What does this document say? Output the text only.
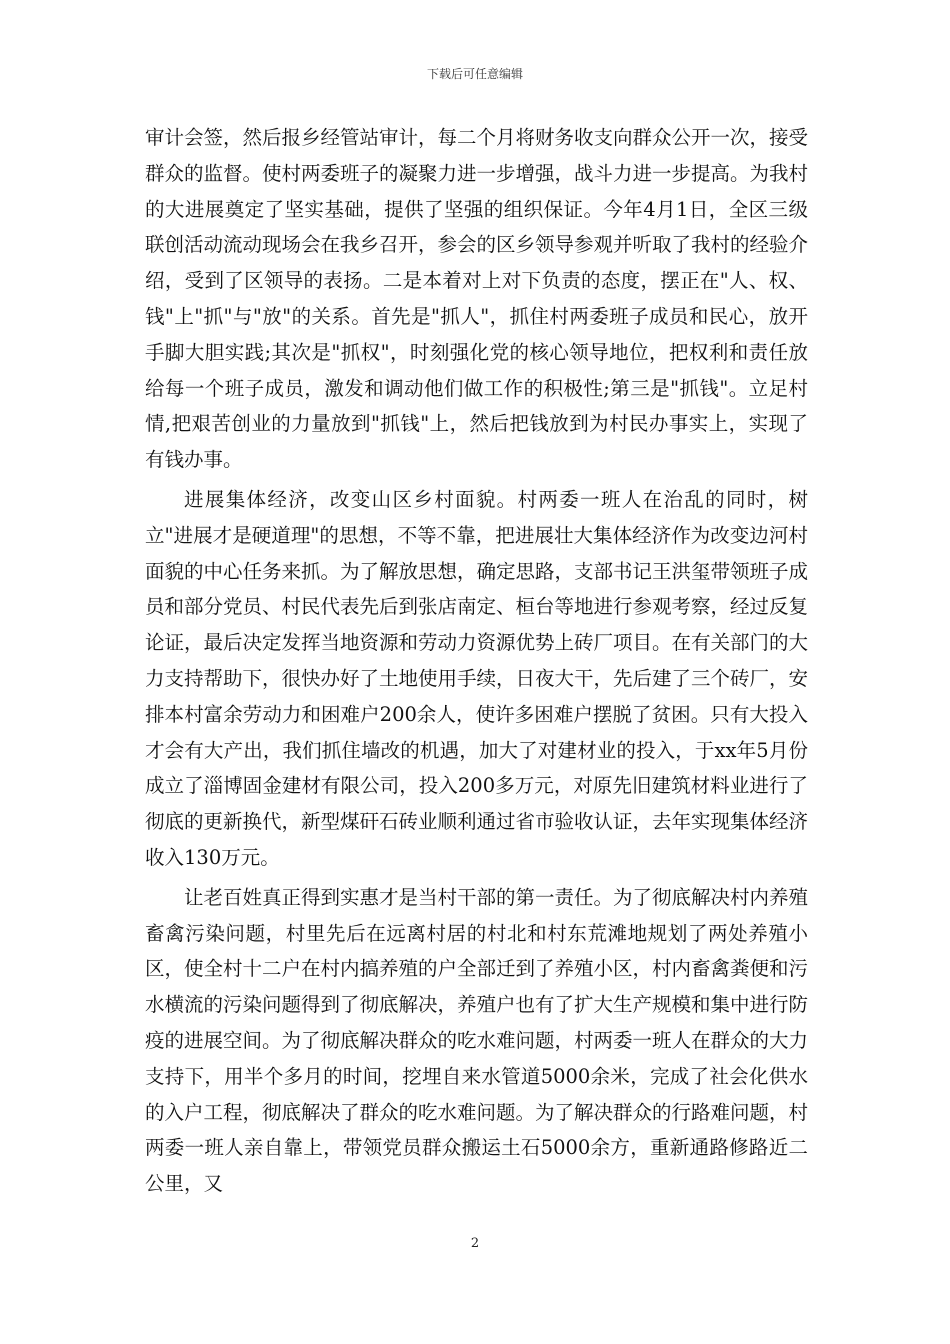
下载后可任意编辑

审计会签，然后报乡经管站审计，每二个月将财务收支向群众公开一次，接受群众的监督。使村两委班子的凝聚力进一步增强，战斗力进一步提高。为我村的大进展奠定了坚实基础，提供了坚强的组织保证。今年4月1日，全区三级联创活动流动现场会在我乡召开，参会的区乡领导参观并听取了我村的经验介绍，受到了区领导的表扬。二是本着对上对下负责的态度，摆正在"人、权、钱"上"抓"与"放"的关系。首先是"抓人"，抓住村两委班子成员和民心，放开手脚大胆实践;其次是"抓权"，时刻强化党的核心领导地位，把权利和责任放给每一个班子成员，激发和调动他们做工作的积极性;第三是"抓钱"。立足村情,把艰苦创业的力量放到"抓钱"上，然后把钱放到为村民办事实上，实现了有钱办事。

进展集体经济，改变山区乡村面貌。村两委一班人在治乱的同时，树立"进展才是硬道理"的思想，不等不靠，把进展壮大集体经济作为改变边河村面貌的中心任务来抓。为了解放思想，确定思路，支部书记王洪玺带领班子成员和部分党员、村民代表先后到张店南定、桓台等地进行参观考察，经过反复论证，最后决定发挥当地资源和劳动力资源优势上砖厂项目。在有关部门的大力支持帮助下，很快办好了土地使用手续，日夜大干，先后建了三个砖厂，安排本村富余劳动力和困难户200余人，使许多困难户摆脱了贫困。只有大投入才会有大产出，我们抓住墙改的机遇，加大了对建材业的投入，于xx年5月份成立了淄博固金建材有限公司，投入200多万元，对原先旧建筑材料业进行了彻底的更新换代，新型煤矸石砖业顺利通过省市验收认证，去年实现集体经济收入130万元。

让老百姓真正得到实惠才是当村干部的第一责任。为了彻底解决村内养殖畜禽污染问题，村里先后在远离村居的村北和村东荒滩地规划了两处养殖小区，使全村十二户在村内搞养殖的户全部迁到了养殖小区，村内畜禽粪便和污水横流的污染问题得到了彻底解决，养殖户也有了扩大生产规模和集中进行防疫的进展空间。为了彻底解决群众的吃水难问题，村两委一班人在群众的大力支持下，用半个多月的时间，挖埋自来水管道5000余米，完成了社会化供水的入户工程，彻底解决了群众的吃水难问题。为了解决群众的行路难问题，村两委一班人亲自靠上，带领党员群众搬运土石5000余方，重新通路修路近二公里，又

2
